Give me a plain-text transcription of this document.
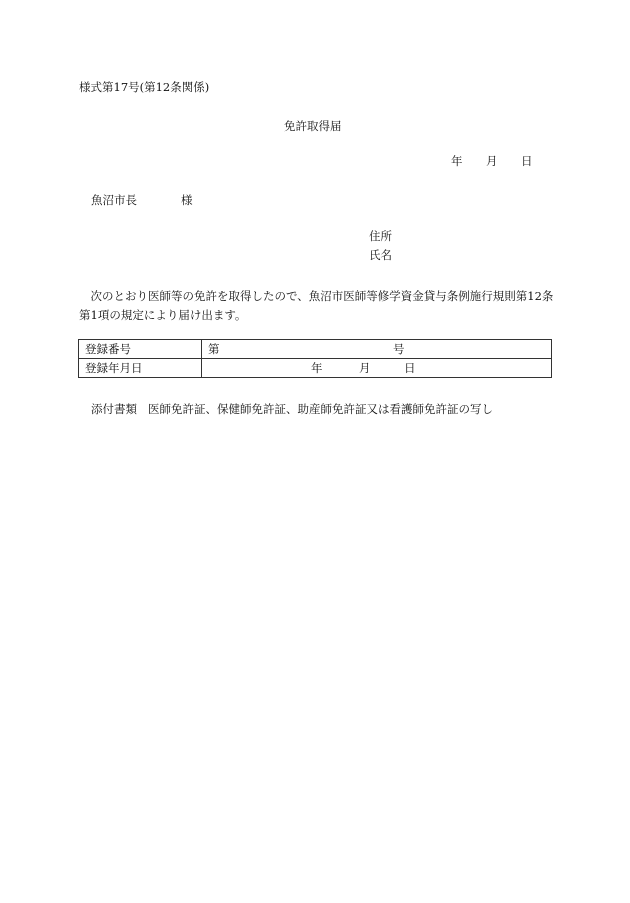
様式第17号(第12条関係)
免許取得届
年 月 日
魚沼市長	様
住所
氏名
次のとおり医師等の免許を取得したので、魚沼市医師等修学資金貸与条例施行規則第12条第1項の規定により届け出ます。
登録番号	第 号

登録年月日	年 月 日
添付書類 医師免許証、保健師免許証、助産師免許証又は看護師免許証の写し
